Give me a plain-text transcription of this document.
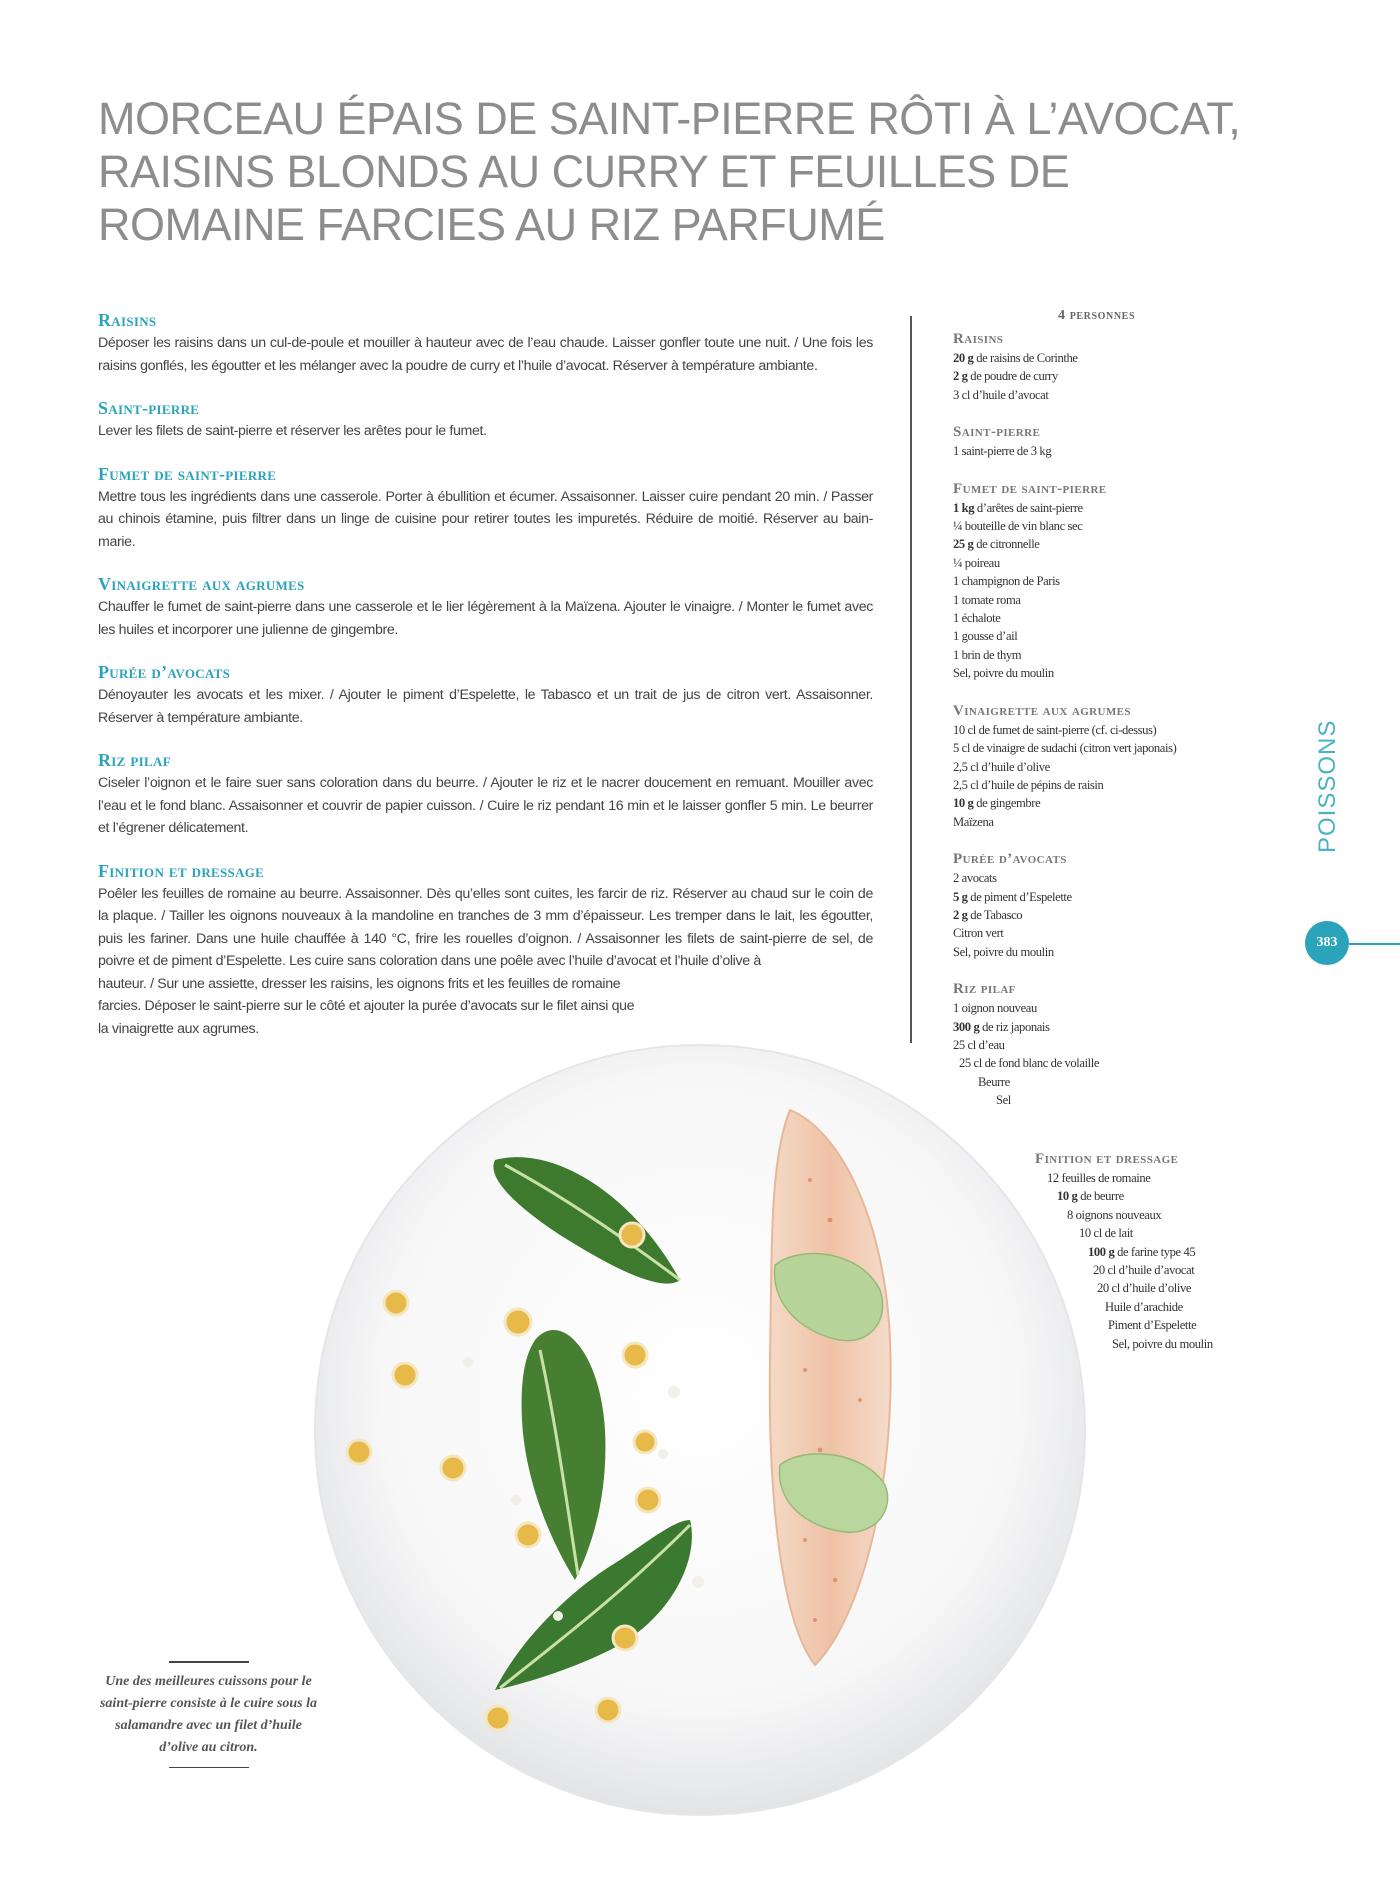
MORCEAU ÉPAIS DE SAINT-PIERRE RÔTI À L’AVOCAT, RAISINS BLONDS AU CURRY ET FEUILLES DE ROMAINE FARCIES AU RIZ PARFUMÉ
Raisins

Déposer les raisins dans un cul-de-poule et mouiller à hauteur avec de l’eau chaude. Laisser gonfler toute une nuit. / Une fois les raisins gonflés, les égoutter et les mélanger avec la poudre de curry et l’huile d’avocat. Réserver à température ambiante.

Saint-pierre

Lever les filets de saint-pierre et réserver les arêtes pour le fumet.

Fumet de saint-pierre

Mettre tous les ingrédients dans une casserole. Porter à ébullition et écumer. Assaisonner. Laisser cuire pendant 20 min. / Passer au chinois étamine, puis filtrer dans un linge de cuisine pour retirer toutes les impuretés. Réduire de moitié. Réserver au bain-marie.

Vinaigrette aux agrumes

Chauffer le fumet de saint-pierre dans une casserole et le lier légèrement à la Maïzena. Ajouter le vinaigre. / Monter le fumet avec les huiles et incorporer une julienne de gingembre.

Purée d’avocats

Dénoyauter les avocats et les mixer. / Ajouter le piment d’Espelette, le Tabasco et un trait de jus de citron vert. Assaisonner. Réserver à température ambiante.

Riz pilaf

Ciseler l’oignon et le faire suer sans coloration dans du beurre. / Ajouter le riz et le nacrer doucement en remuant. Mouiller avec l’eau et le fond blanc. Assaisonner et couvrir de papier cuisson. / Cuire le riz pendant 16 min et le laisser gonfler 5 min. Le beurrer et l’égrener délicatement.

Finition et dressage

Poêler les feuilles de romaine au beurre. Assaisonner. Dès qu’elles sont cuites, les farcir de riz. Réserver au chaud sur le coin de la plaque. / Tailler les oignons nouveaux à la mandoline en tranches de 3 mm d’épaisseur. Les tremper dans le lait, les égoutter, puis les fariner. Dans une huile chauffée à 140 °C, frire les rouelles d’oignon. / Assaisonner les filets de saint-pierre de sel, de poivre et de piment d’Espelette. Les cuire sans coloration dans une poêle avec l’huile d’avocat et l’huile d’olive à

hauteur. / Sur une assiette, dresser les raisins, les oignons frits et les feuilles de romaine farcies. Déposer le saint-pierre sur le côté et ajouter la purée d’avocats sur le filet ainsi que la vinaigrette aux agrumes.

4 personnes

Raisins
20 g de raisins de Corinthe
2 g de poudre de curry
3 cl d’huile d’avocat
Saint-pierre
1 saint-pierre de 3 kg
Fumet de saint-pierre
1 kg d’arêtes de saint-pierre
¼ bouteille de vin blanc sec
25 g de citronnelle
¼ poireau
1 champignon de Paris
1 tomate roma
1 échalote
1 gousse d’ail
1 brin de thym
Sel, poivre du moulin
Vinaigrette aux agrumes
10 cl de fumet de saint-pierre (cf. ci-dessus)
5 cl de vinaigre de sudachi (citron vert japonais)
2,5 cl d’huile d’olive
2,5 cl d’huile de pépins de raisin
10 g de gingembre
Maïzena
Purée d’avocats
2 avocats
5 g de piment d’Espelette
2 g de Tabasco
Citron vert
Sel, poivre du moulin
Riz pilaf
1 oignon nouveau
300 g de riz japonais
25 cl d’eau
25 cl de fond blanc de volaille
Beurre
Sel
Finition et dressage
12 feuilles de romaine
10 g de beurre
8 oignons nouveaux
10 cl de lait
100 g de farine type 45
20 cl d’huile d’avocat
20 cl d’huile d’olive
Huile d’arachide
Piment d’Espelette
Sel, poivre du moulin
POISSONS
383

Une des meilleures cuissons pour le saint-pierre consiste à le cuire sous la salamandre avec un filet d’huile d’olive au citron.
